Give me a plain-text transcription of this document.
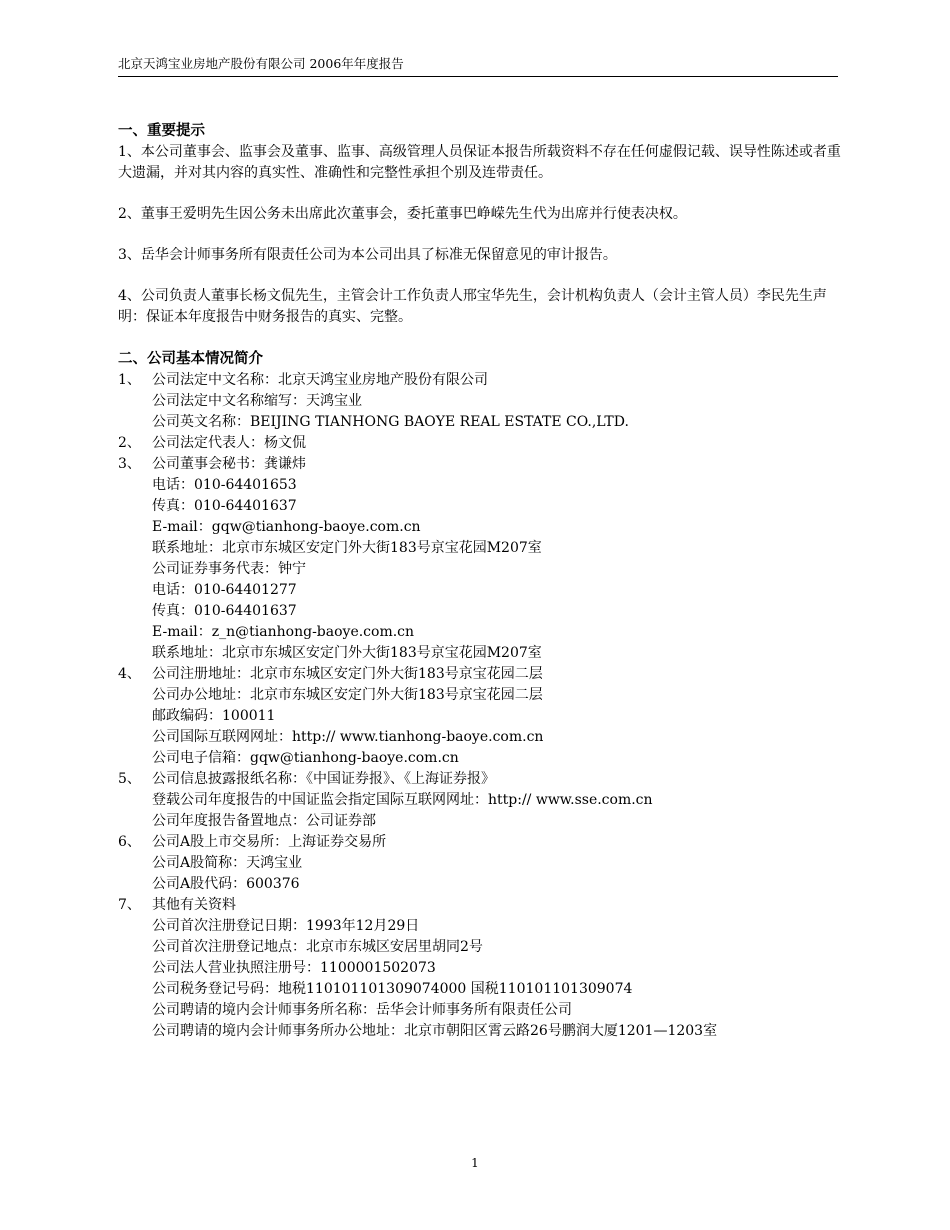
北京天鸿宝业房地产股份有限公司 2006年年度报告
一、重要提示

1、本公司董事会、监事会及董事、监事、高级管理人员保证本报告所载资料不存在任何虚假记载、误导性陈述或者重大遗漏，并对其内容的真实性、准确性和完整性承担个别及连带责任。

2、董事王爱明先生因公务未出席此次董事会，委托董事巴峥嵘先生代为出席并行使表决权。

3、岳华会计师事务所有限责任公司为本公司出具了标准无保留意见的审计报告。

4、公司负责人董事长杨文侃先生，主管会计工作负责人邢宝华先生，会计机构负责人（会计主管人员）李民先生声明：保证本年度报告中财务报告的真实、完整。

二、公司基本情况简介
1、 公司法定中文名称：北京天鸿宝业房地产股份有限公司
公司法定中文名称缩写：天鸿宝业
公司英文名称：BEIJING TIANHONG BAOYE REAL ESTATE CO.,LTD.
2、 公司法定代表人：杨文侃
3、 公司董事会秘书：龚谦炜
电话：010-64401653
传真：010-64401637
E-mail：gqw@tianhong-baoye.com.cn
联系地址：北京市东城区安定门外大街183号京宝花园M207室
公司证券事务代表：钟宁
电话：010-64401277
传真：010-64401637
E-mail：z_n@tianhong-baoye.com.cn
联系地址：北京市东城区安定门外大街183号京宝花园M207室
4、 公司注册地址：北京市东城区安定门外大街183号京宝花园二层
公司办公地址：北京市东城区安定门外大街183号京宝花园二层
邮政编码：100011
公司国际互联网网址：http:// www.tianhong-baoye.com.cn
公司电子信箱：gqw@tianhong-baoye.com.cn
5、 公司信息披露报纸名称：《中国证券报》、《上海证券报》
登载公司年度报告的中国证监会指定国际互联网网址：http:// www.sse.com.cn
公司年度报告备置地点：公司证券部
6、 公司A股上市交易所：上海证券交易所
公司A股简称：天鸿宝业
公司A股代码：600376
7、 其他有关资料
公司首次注册登记日期：1993年12月29日
公司首次注册登记地点：北京市东城区安居里胡同2号
公司法人营业执照注册号：1100001502073
公司税务登记号码：地税110101101309074000 国税110101101309074
公司聘请的境内会计师事务所名称：岳华会计师事务所有限责任公司
公司聘请的境内会计师事务所办公地址：北京市朝阳区霄云路26号鹏润大厦1201—1203室
1
